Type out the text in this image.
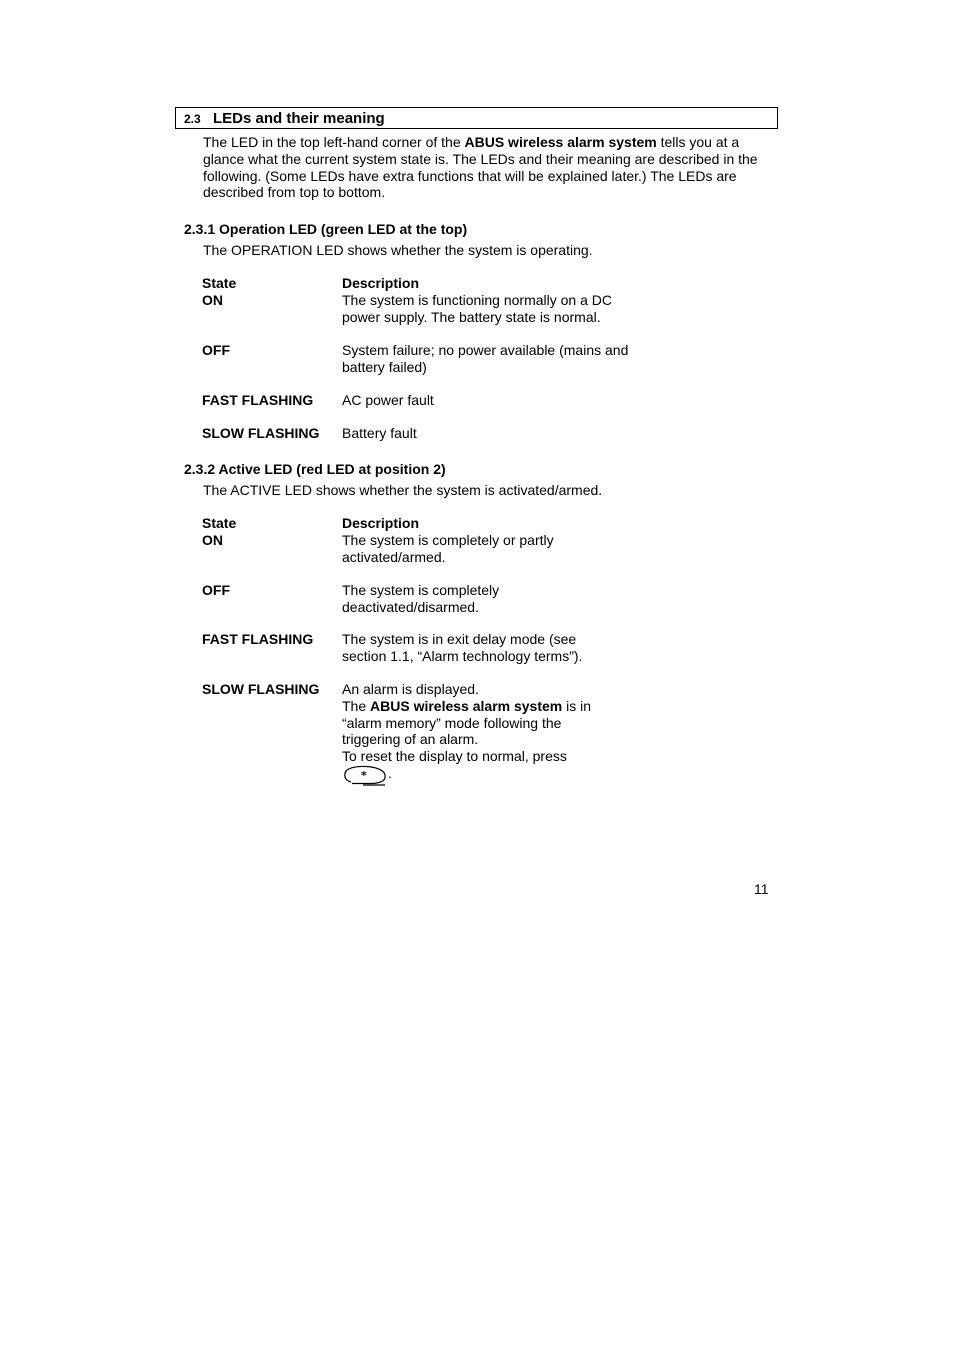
2.3 LEDs and their meaning
The LED in the top left-hand corner of the ABUS wireless alarm system tells you at a glance what the current system state is. The LEDs and their meaning are described in the following. (Some LEDs have extra functions that will be explained later.) The LEDs are described from top to bottom.
2.3.1 Operation LED (green LED at the top)
The OPERATION LED shows whether the system is operating.
State	Description
ON	The system is functioning normally on a DC power supply. The battery state is normal.
OFF	System failure; no power available (mains and battery failed)
FAST FLASHING AC power fault
SLOW FLASHING Battery fault
2.3.2 Active LED (red LED at position 2)
The ACTIVE LED shows whether the system is activated/armed.
State	Description
ON	The system is completely or partly activated/armed.
OFF	The system is completely deactivated/disarmed.
FAST FLASHING The system is in exit delay mode (see section 1.1, “Alarm technology terms”).
SLOW FLASHING An alarm is displayed.
The ABUS wireless alarm system is in “alarm memory” mode following the triggering of an alarm.
To reset the display to normal, press

* .
11
